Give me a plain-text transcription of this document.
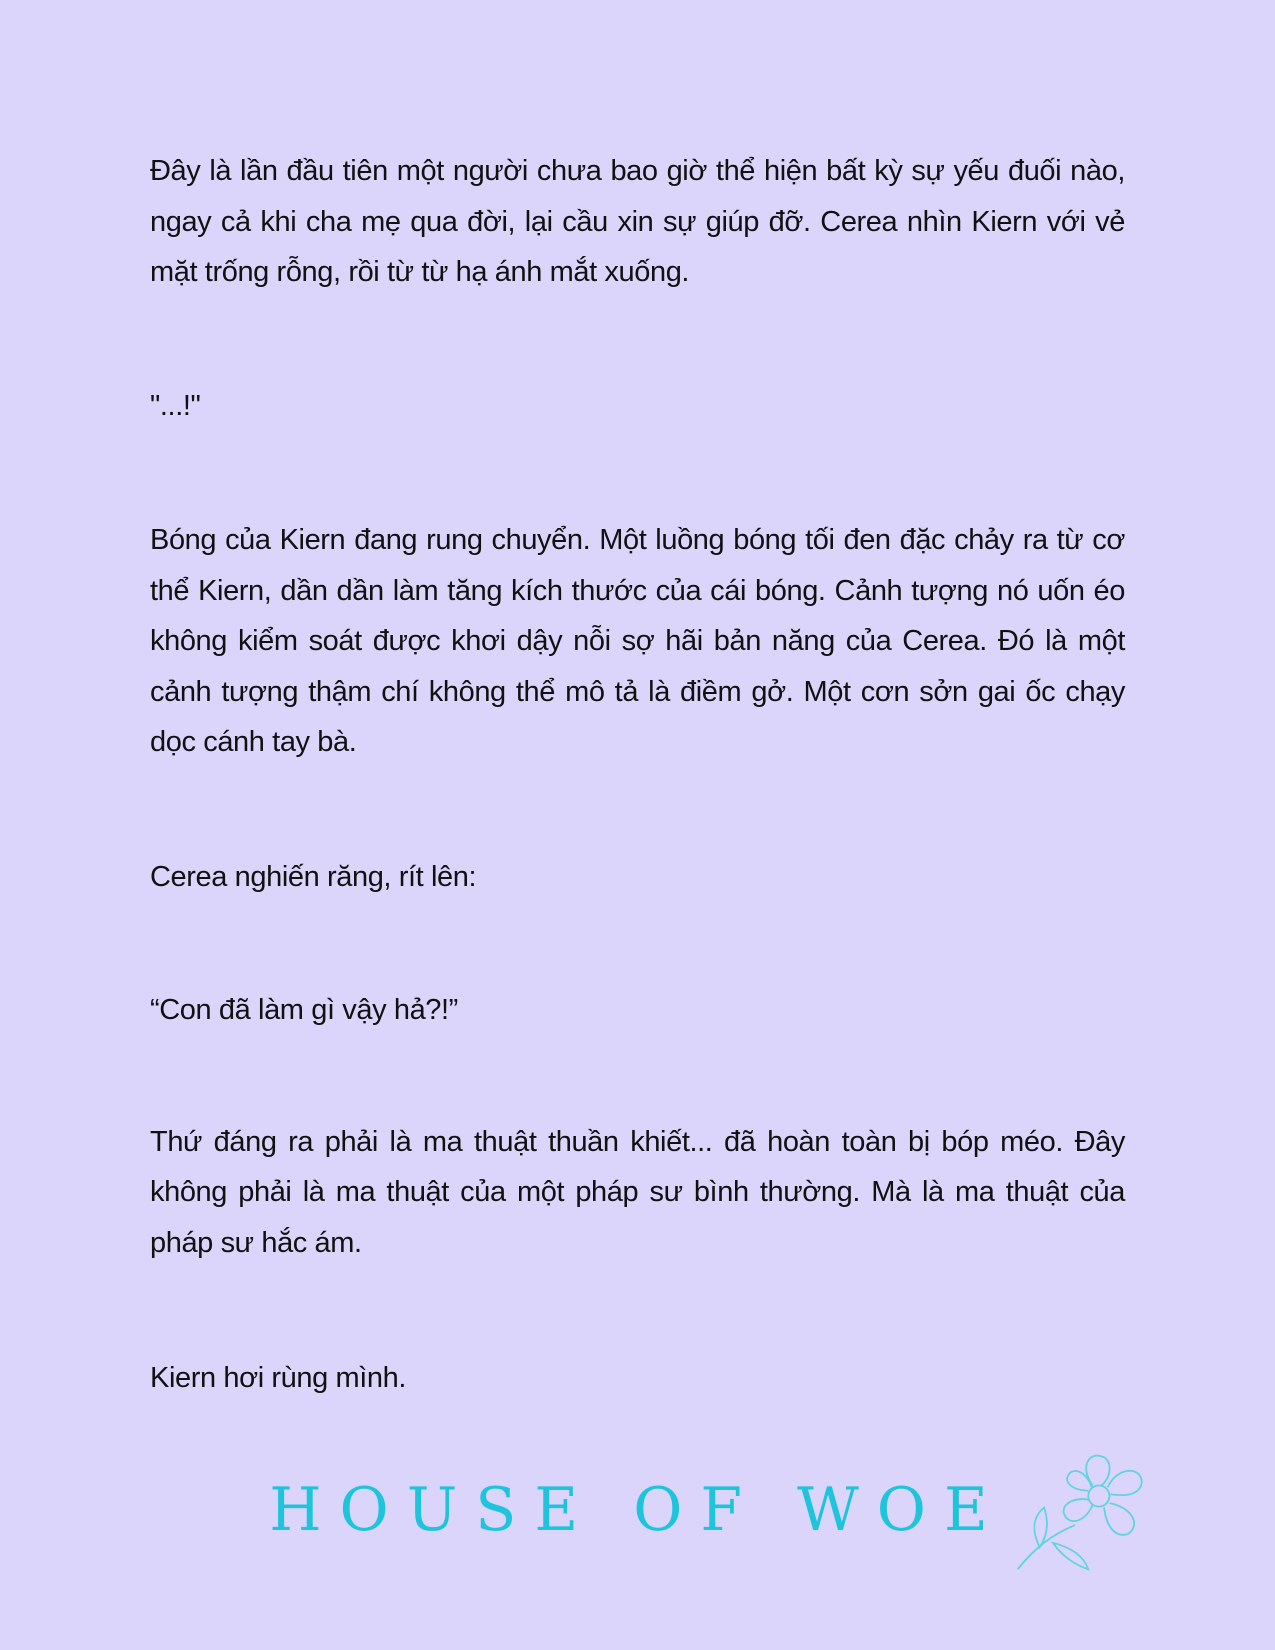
Đây là lần đầu tiên một người chưa bao giờ thể hiện bất kỳ sự yếu đuối nào, ngay cả khi cha mẹ qua đời, lại cầu xin sự giúp đỡ. Cerea nhìn Kiern với vẻ mặt trống rỗng, rồi từ từ hạ ánh mắt xuống.

"...!"

Bóng của Kiern đang rung chuyển. Một luồng bóng tối đen đặc chảy ra từ cơ thể Kiern, dần dần làm tăng kích thước của cái bóng. Cảnh tượng nó uốn éo không kiểm soát được khơi dậy nỗi sợ hãi bản năng của Cerea. Đó là một cảnh tượng thậm chí không thể mô tả là điềm gở. Một cơn sởn gai ốc chạy dọc cánh tay bà.

Cerea nghiến răng, rít lên:

“Con đã làm gì vậy hả?!”

Thứ đáng ra phải là ma thuật thuần khiết... đã hoàn toàn bị bóp méo. Đây không phải là ma thuật của một pháp sư bình thường. Mà là ma thuật của pháp sư hắc ám.

Kiern hơi rùng mình.

HOUSE OF WOE
